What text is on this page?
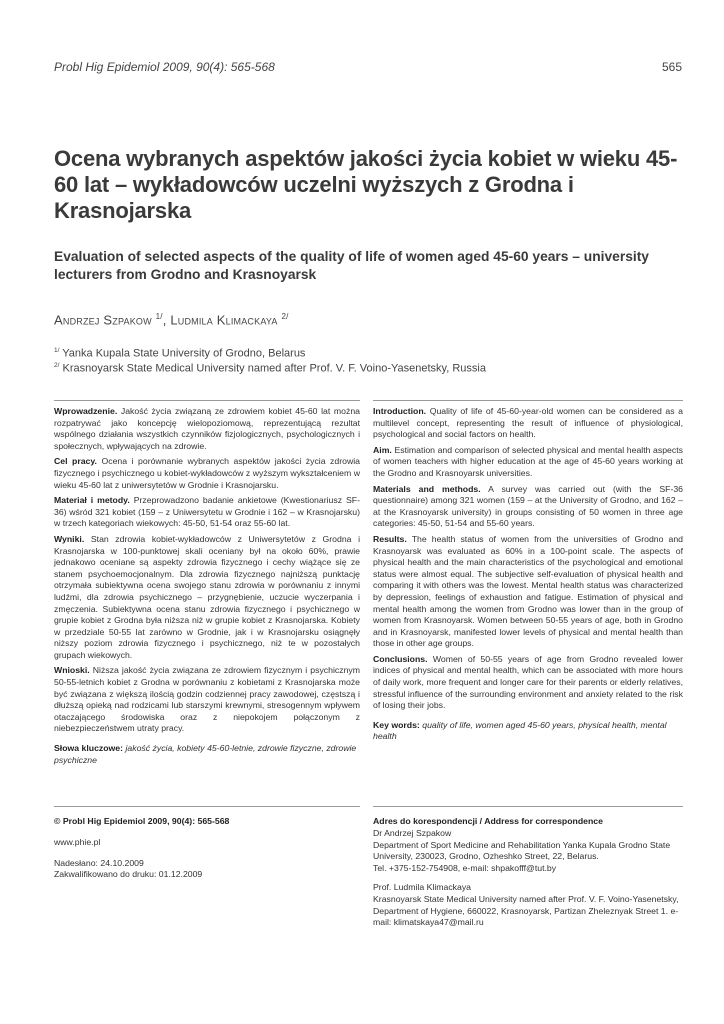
Probl Hig Epidemiol 2009, 90(4): 565-568	565
Ocena wybranych aspektów jakości życia kobiet w wieku 45-60 lat – wykładowców uczelni wyższych z Grodna i Krasnojarska
Evaluation of selected aspects of the quality of life of women aged 45-60 years – university lecturers from Grodno and Krasnoyarsk
Andrzej Szpakow $^{1/}$, Ludmila Klimackaya $^{2/}$
$^{1/}$ Yanka Kupala State University of Grodno, Belarus
$^{2/}$ Krasnoyarsk State Medical University named after Prof. V. F. Voino-Yasenetsky, Russia

Wprowadzenie. Jakość życia związaną ze zdrowiem kobiet 45-60 lat można rozpatrywać jako koncepcję wielopoziomową, reprezentującą rezultat wspólnego działania wszystkich czynników fizjologicznych, psychologicznych i społecznych, wpływających na zdrowie.

Cel pracy. Ocena i porównanie wybranych aspektów jakości życia zdrowia fizycznego i psychicznego u kobiet-wykładowców z wyższym wykształceniem w wieku 45-60 lat z uniwersytetów w Grodnie i Krasnojarsku.

Materiał i metody. Przeprowadzono badanie ankietowe (Kwestionariusz SF-36) wśród 321 kobiet (159 – z Uniwersytetu w Grodnie i 162 – w Krasnojarsku) w trzech kategoriach wiekowych: 45-50, 51-54 oraz 55-60 lat.

Wyniki. Stan zdrowia kobiet-wykładowców z Uniwersytetów z Grodna i Krasnojarska w 100-punktowej skali oceniany był na około 60%, prawie jednakowo oceniane są aspekty zdrowia fizycznego i cechy wiążące się ze stanem psychoemocjonalnym. Dla zdrowia fizycznego najniższą punktację otrzymała subiektywna ocena swojego stanu zdrowia w porównaniu z innymi ludźmi, dla zdrowia psychicznego – przygnębienie, uczucie wyczerpania i zmęczenia. Subiektywna ocena stanu zdrowia fizycznego i psychicznego w grupie kobiet z Grodna była niższa niż w grupie kobiet z Krasnojarska. Kobiety w przedziale 50-55 lat zarówno w Grodnie, jak i w Krasnojarsku osiągnęły niższy poziom zdrowia fizycznego i psychicznego, niż te w pozostałych grupach wiekowych.

Wnioski. Niższa jakość życia związana ze zdrowiem fizycznym i psychicznym 50-55-letnich kobiet z Grodna w porównaniu z kobietami z Krasnojarska może być związana z większą ilością godzin codziennej pracy zawodowej, częstszą i dłuższą opieką nad rodzicami lub starszymi krewnymi, stresogennym wpływem otaczającego środowiska oraz z niepokojem połączonym z niebezpieczeństwem utraty pracy.

Słowa kluczowe: jakość życia, kobiety 45-60-letnie, zdrowie fizyczne, zdrowie psychiczne

Introduction. Quality of life of 45-60-year-old women can be considered as a multilevel concept, representing the result of influence of physiological, psychological and social factors on health.

Aim. Estimation and comparison of selected physical and mental health aspects of women teachers with higher education at the age of 45-60 years working at the Grodno and Krasnoyarsk universities.

Materials and methods. A survey was carried out (with the SF-36 questionnaire) among 321 women (159 – at the University of Grodno, and 162 – at the Krasnoyarsk university) in groups consisting of 50 women in three age categories: 45-50, 51-54 and 55-60 years.

Results. The health status of women from the universities of Grodno and Krasnoyarsk was evaluated as 60% in a 100-point scale. The aspects of physical health and the main characteristics of the psychological and emotional status were almost equal. The subjective self-evaluation of physical health and comparing it with others was the lowest. Mental health status was characterized by depression, feelings of exhaustion and fatigue. Estimation of physical and mental health among the women from Grodno was lower than in the group of women from Krasnoyarsk. Women between 50-55 years of age, both in Grodno and in Krasnoyarsk, manifested lower levels of physical and mental health than those in other age groups.

Conclusions. Women of 50-55 years of age from Grodno revealed lower indices of physical and mental health, which can be associated with more hours of daily work, more frequent and longer care for their parents or elderly relatives, stressful influence of the surrounding environment and anxiety related to the risk of losing their jobs.

Key words: quality of life, women aged 45-60 years, physical health, mental health

© Probl Hig Epidemiol 2009, 90(4): 565-568

www.phie.pl

Nadesłano: 24.10.2009

Zakwalifikowano do druku: 01.12.2009

Adres do korespondencji / Address for correspondence

Dr Andrzej Szpakow

Department of Sport Medicine and Rehabilitation Yanka Kupala Grodno State University, 230023, Grodno, Ozheshko Street, 22, Belarus.

Tel. +375-152-754908, e-mail: shpakofff@tut.by

Prof. Ludmila Klimackaya

Krasnoyarsk State Medical University named after Prof. V. F. Voino-Yasenetsky, Department of Hygiene, 660022, Krasnoyarsk, Partizan Zheleznyak Street 1. e-mail: klimatskaya47@mail.ru
